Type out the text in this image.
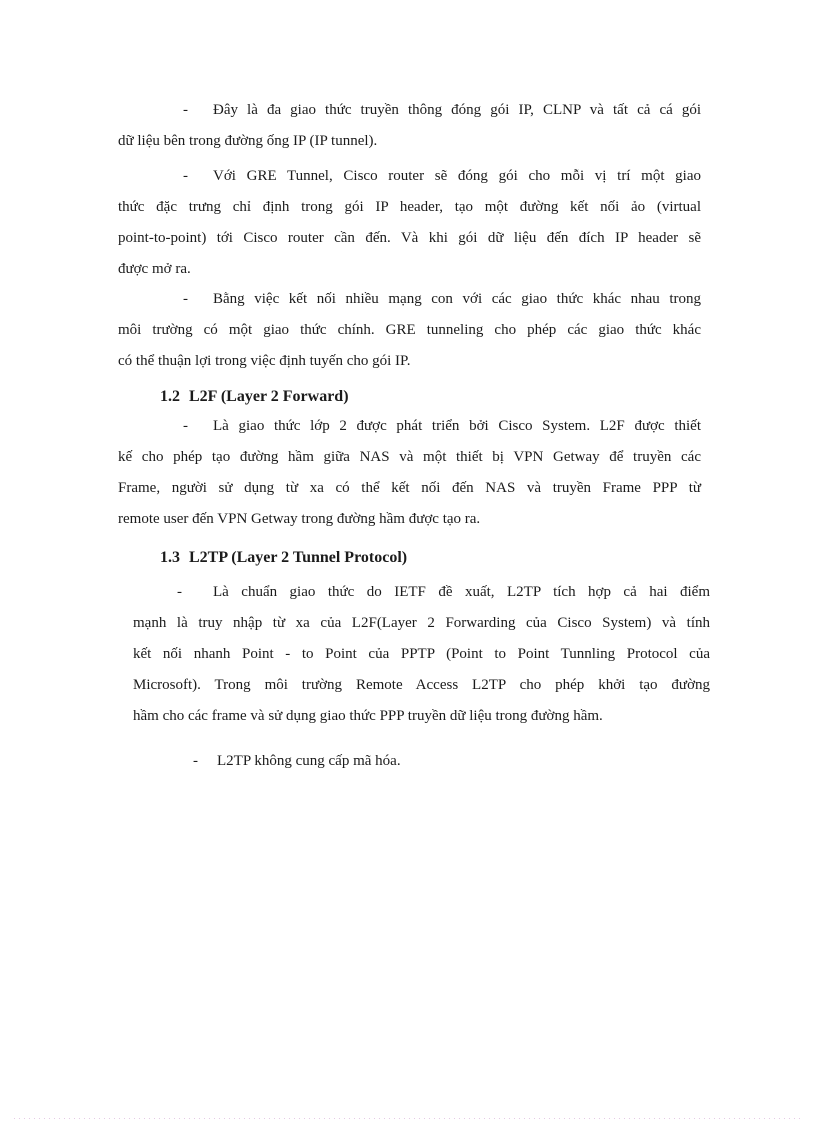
- Đây là đa giao thức truyền thông đóng gói IP, CLNP và tất cả cá gói
dữ liệu bên trong đường ống IP (IP tunnel).
- Với GRE Tunnel, Cisco router sẽ đóng gói cho mỗi vị trí một giao
thức đặc trưng chỉ định trong gói IP header, tạo một đường kết nối ảo (virtual
point-to-point) tới Cisco router cần đến. Và khi gói dữ liệu đến đích IP header sẽ
được mở ra.
- Bằng việc kết nối nhiều mạng con với các giao thức khác nhau trong
môi trường có một giao thức chính. GRE tunneling cho phép các giao thức khác
có thể thuận lợi trong việc định tuyến cho gói IP.
1.2 L2F (Layer 2 Forward)
- Là giao thức lớp 2 được phát triển bởi Cisco System. L2F được thiết
kế cho phép tạo đường hầm giữa NAS và một thiết bị VPN Getway để truyền các
Frame, người sử dụng từ xa có thể kết nối đến NAS và truyền Frame PPP từ
remote user đến VPN Getway trong đường hầm được tạo ra.
1.3 L2TP (Layer 2 Tunnel Protocol)
- Là chuẩn giao thức do IETF đề xuất, L2TP tích hợp cả hai điểm
mạnh là truy nhập từ xa của L2F(Layer 2 Forwarding của Cisco System) và tính
kết nối nhanh Point - to Point của PPTP (Point to Point Tunnling Protocol của
Microsoft). Trong môi trường Remote Access L2TP cho phép khởi tạo đường
hầm cho các frame và sử dụng giao thức PPP truyền dữ liệu trong đường hầm.
- L2TP không cung cấp mã hóa.
